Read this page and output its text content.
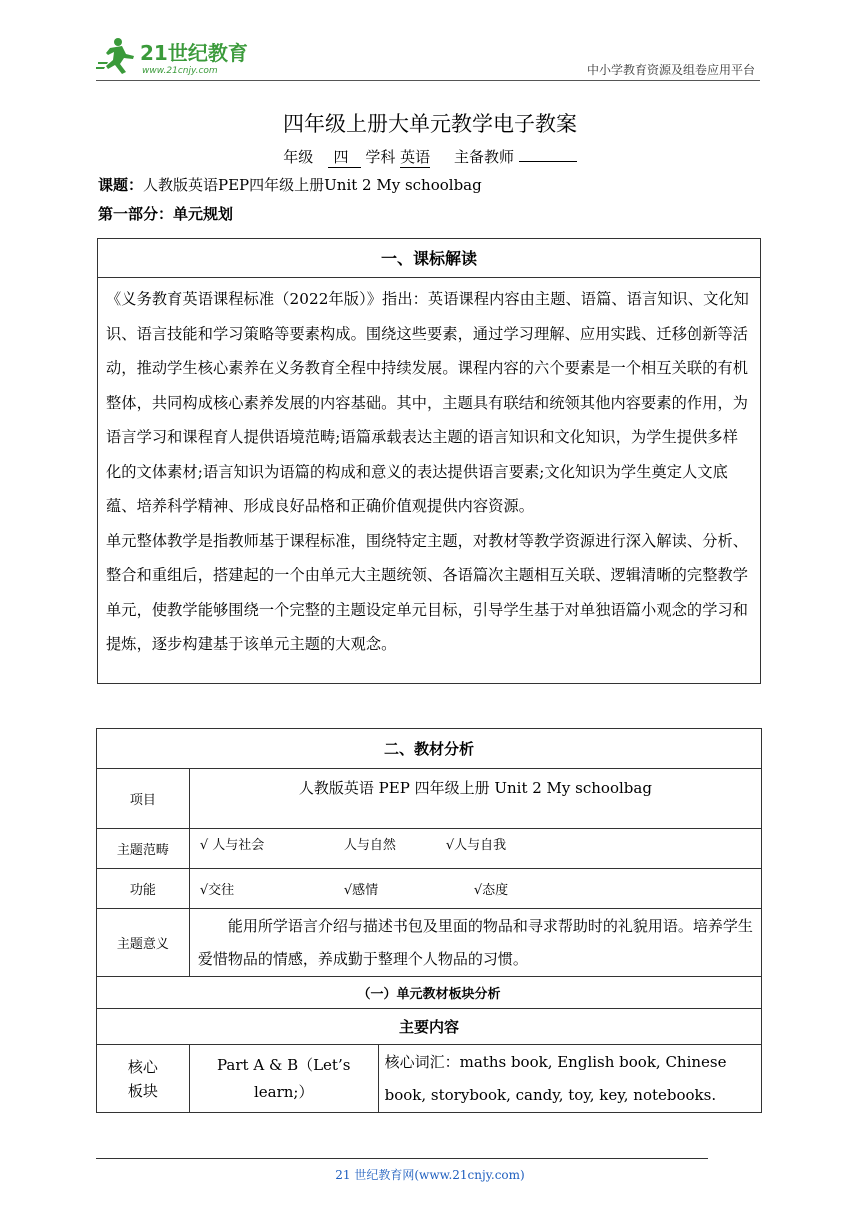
21世纪教育
www.21cnjy.com	中小学教育资源及组卷应用平台
四年级上册大单元教学电子教案
年级 四 学科 英语 主备教师
课题：人教版英语PEP四年级上册Unit 2 My schoolbag
第一部分：单元规划
一、课标解读
《义务教育英语课程标准（2022年版）》指出：英语课程内容由主题、语篇、语言知识、文化知识、语言技能和学习策略等要素构成。围绕这些要素，通过学习理解、应用实践、迁移创新等活动，推动学生核心素养在义务教育全程中持续发展。课程内容的六个要素是一个相互关联的有机整体，共同构成核心素养发展的内容基础。其中，主题具有联结和统领其他内容要素的作用，为语言学习和课程育人提供语境范畴;语篇承载表达主题的语言知识和文化知识，为学生提供多样化的文体素材;语言知识为语篇的构成和意义的表达提供语言要素;文化知识为学生奠定人文底蕴、培养科学精神、形成良好品格和正确价值观提供内容资源。
单元整体教学是指教师基于课程标准，围绕特定主题，对教材等教学资源进行深入解读、分析、整合和重组后，搭建起的一个由单元大主题统领、各语篇次主题相互关联、逻辑清晰的完整教学单元，使教学能够围绕一个完整的主题设定单元目标，引导学生基于对单独语篇小观念的学习和提炼，逐步构建基于该单元主题的大观念。
二、教材分析		
项目	人教版英语 PEP 四年级上册 Unit 2 My schoolbag	
主题范畴	√ 人与社会 人与自然 √人与自我	
功能	√交往 √感情 √态度	
主题意义	能用所学语言介绍与描述书包及里面的物品和寻求帮助时的礼貌用语。培养学生爱惜物品的情感，养成勤于整理个人物品的习惯。	
（一）单元教材板块分析		
主要内容		

核心
板块	Part A & B（Let’s learn;）	核心词汇：maths book, English book, Chinese book, storybook, candy, toy, key, notebooks.
21 世纪教育网(www.21cnjy.com)
